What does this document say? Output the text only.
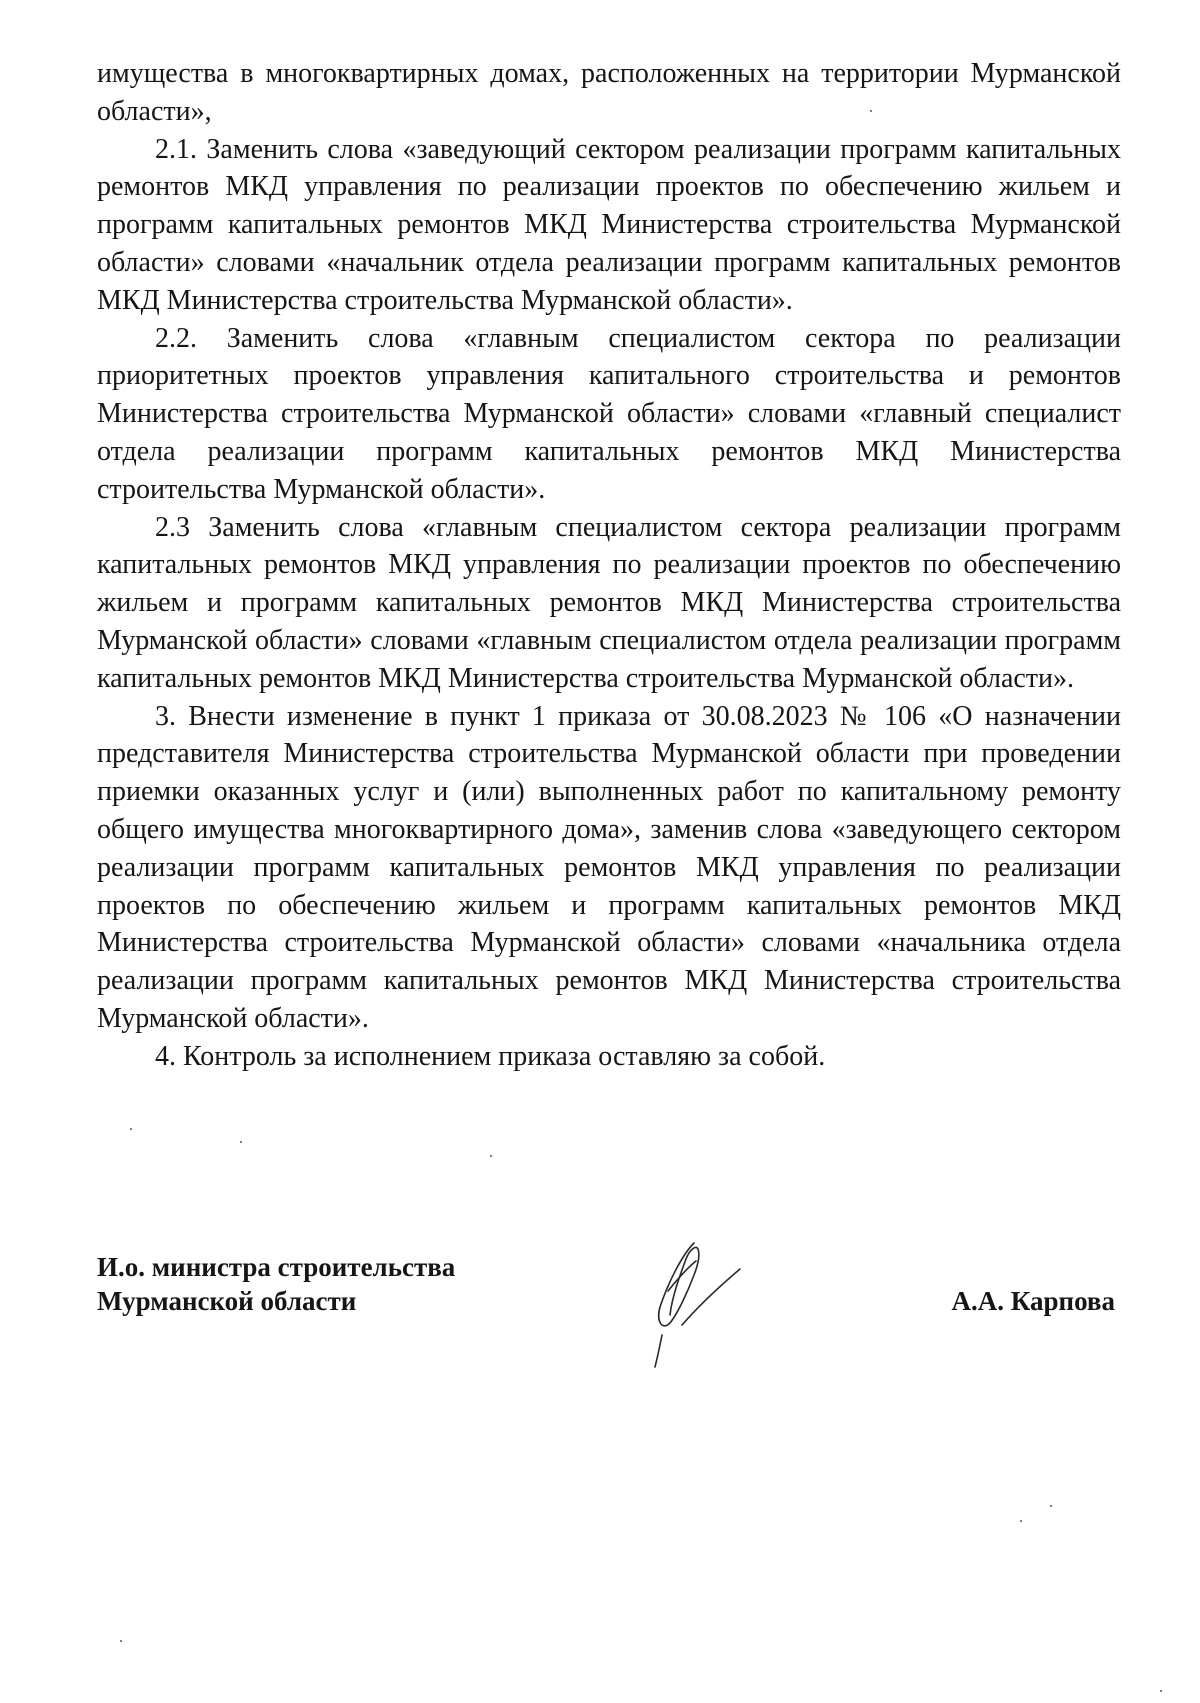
имущества в многоквартирных домах, расположенных на территории Мурманской области»,

2.1. Заменить слова «заведующий сектором реализации программ капитальных ремонтов МКД управления по реализации проектов по обеспечению жильем и программ капитальных ремонтов МКД Министерства строительства Мурманской области» словами «начальник отдела реализации программ капитальных ремонтов МКД Министерства строительства Мурманской области».

2.2. Заменить слова «главным специалистом сектора по реализации приоритетных проектов управления капитального строительства и ремонтов Министерства строительства Мурманской области» словами «главный специалист отдела реализации программ капитальных ремонтов МКД Министерства строительства Мурманской области».

2.3 Заменить слова «главным специалистом сектора реализации программ капитальных ремонтов МКД управления по реализации проектов по обеспечению жильем и программ капитальных ремонтов МКД Министерства строительства Мурманской области» словами «главным специалистом отдела реализации программ капитальных ремонтов МКД Министерства строительства Мурманской области».

3. Внести изменение в пункт 1 приказа от 30.08.2023 № 106 «О назначении представителя Министерства строительства Мурманской области при проведении приемки оказанных услуг и (или) выполненных работ по капитальному ремонту общего имущества многоквартирного дома», заменив слова «заведующего сектором реализации программ капитальных ремонтов МКД управления по реализации проектов по обеспечению жильем и программ капитальных ремонтов МКД Министерства строительства Мурманской области» словами «начальника отдела реализации программ капитальных ремонтов МКД Министерства строительства Мурманской области».

4. Контроль за исполнением приказа оставляю за собой.

И.о. министра строительства
Мурманской области	А.А. Карпова
